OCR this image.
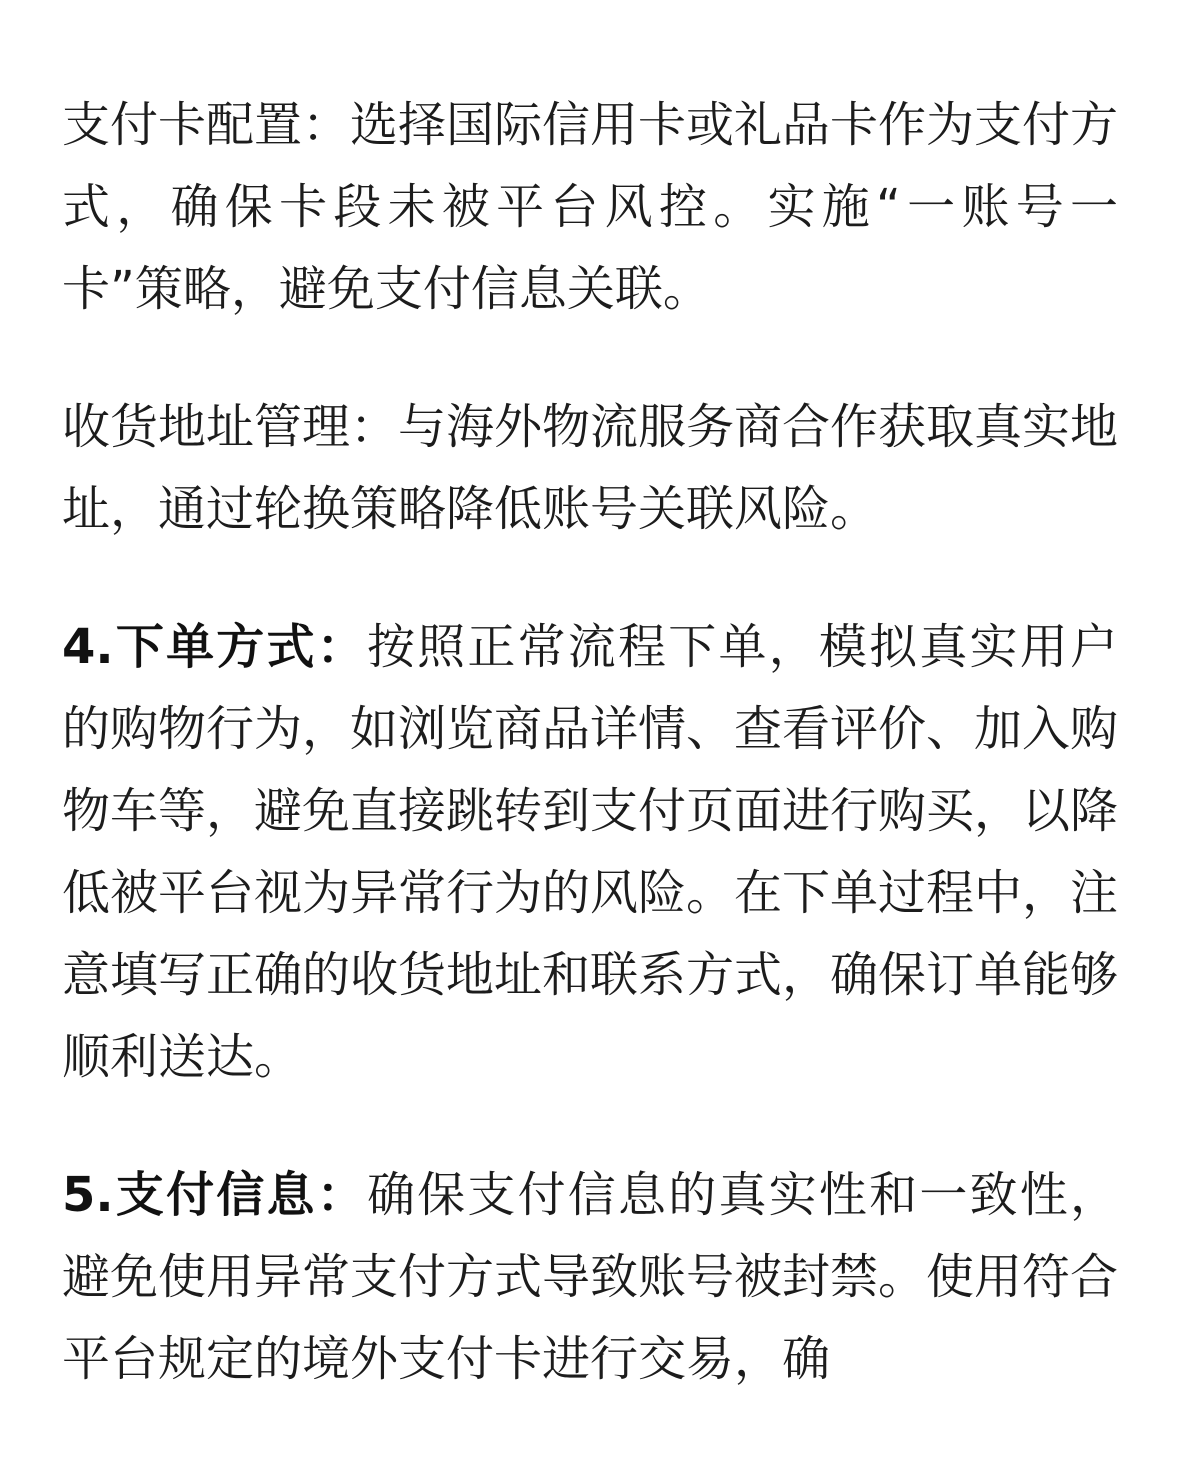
支付卡配置：选择国际信用卡或礼品卡作为支付方式，确保卡段未被平台风控。实施“一账号一卡”策略，避免支付信息关联。

收货地址管理：与海外物流服务商合作获取真实地址，通过轮换策略降低账号关联风险。

4.下单方式：按照正常流程下单，模拟真实用户的购物行为，如浏览商品详情、查看评价、加入购物车等，避免直接跳转到支付页面进行购买，以降低被平台视为异常行为的风险。在下单过程中，注意填写正确的收货地址和联系方式，确保订单能够顺利送达。

5.支付信息：确保支付信息的真实性和一致性，避免使用异常支付方式导致账号被封禁。使用符合平台规定的境外支付卡进行交易，确
